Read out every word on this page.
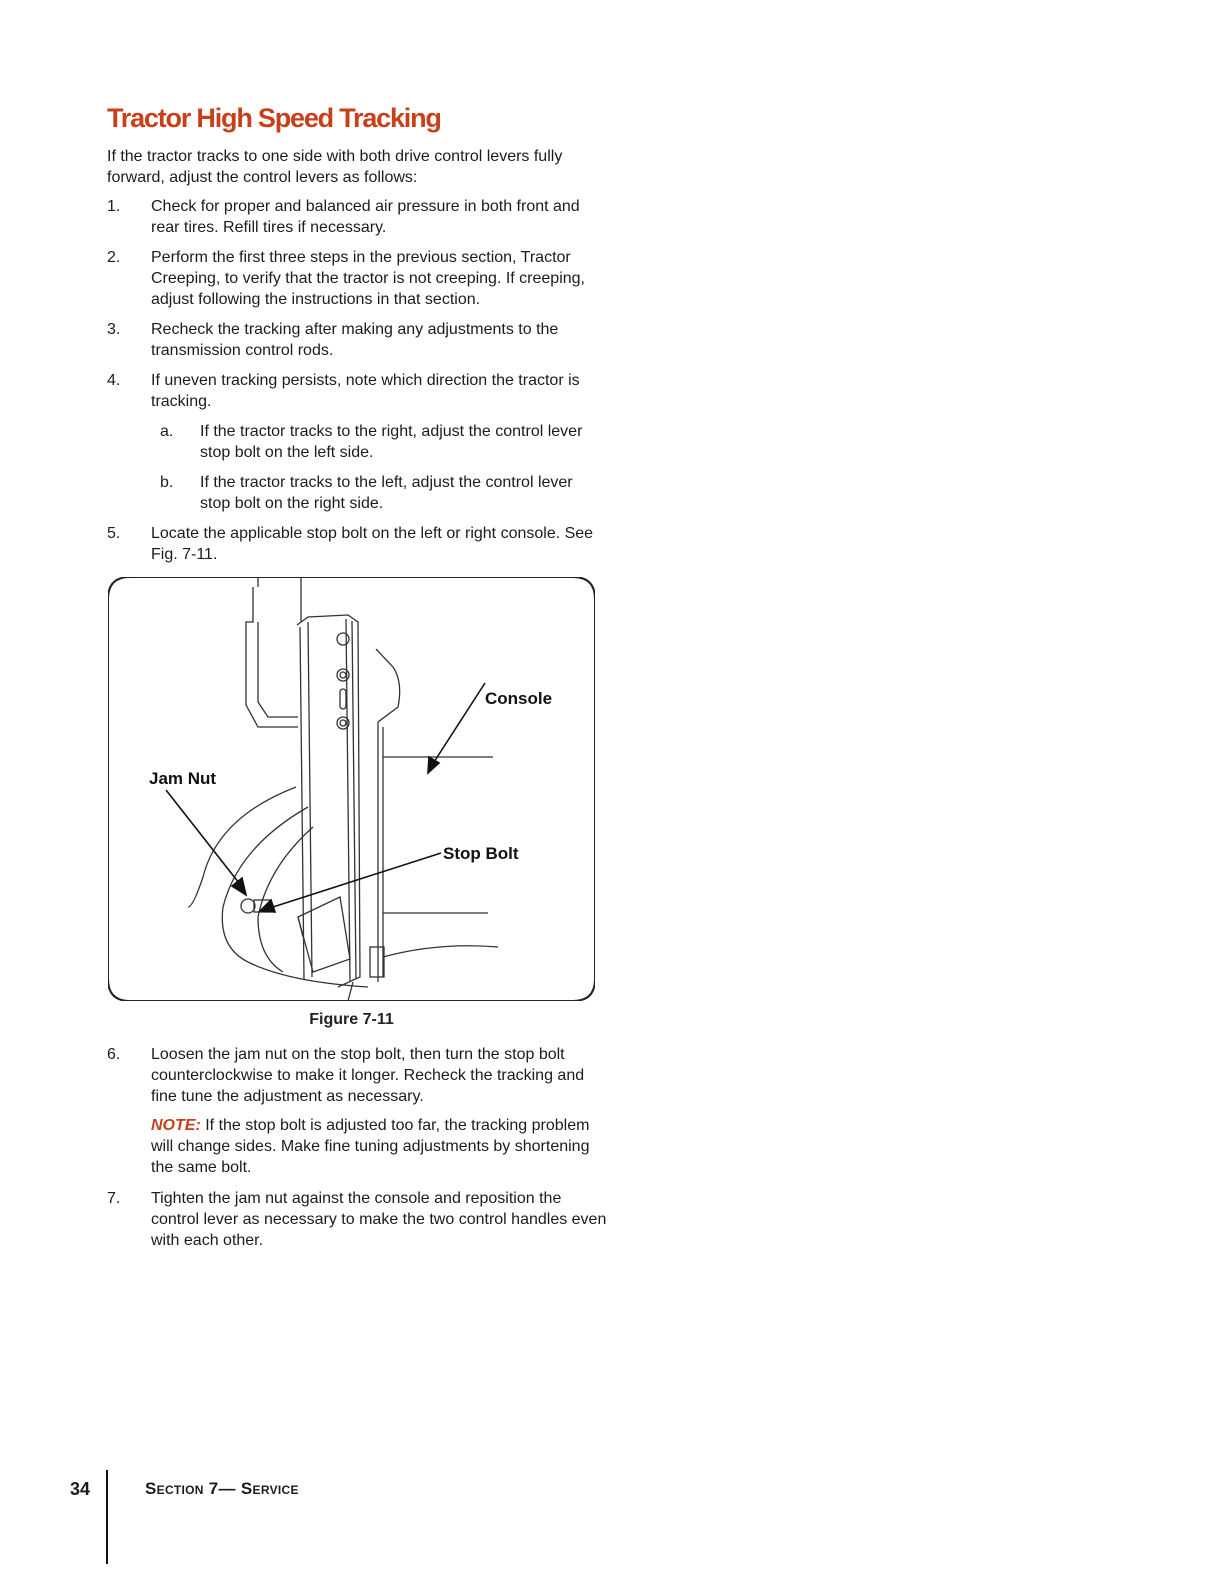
Tractor High Speed Tracking

If the tractor tracks to one side with both drive control levers fully forward, adjust the control levers as follows:

1.	Check for proper and balanced air pressure in both front and rear tires. Refill tires if necessary.
2.	Perform the first three steps in the previous section, Tractor Creeping, to verify that the tractor is not creeping. If creeping, adjust following the instructions in that section.
3.	Recheck the tracking after making any adjustments to the transmission control rods.
4.	If uneven tracking persists, note which direction the tractor is tracking.
a.	If the tractor tracks to the right, adjust the control lever stop bolt on the left side.
b.	If the tractor tracks to the left, adjust the control lever stop bolt on the right side.
5.	Locate the applicable stop bolt on the left or right console. See Fig. 7-11.
Console
Jam Nut
Stop Bolt
Figure 7-11
6.	Loosen the jam nut on the stop bolt, then turn the stop bolt counterclockwise to make it longer. Recheck the tracking and fine tune the adjustment as necessary.
NOTE: If the stop bolt is adjusted too far, the tracking problem will change sides. Make fine tuning adjustments by shortening the same bolt.
7.	Tighten the jam nut against the console and reposition the control lever as necessary to make the two control handles even with each other.
34	Section 7— Service
